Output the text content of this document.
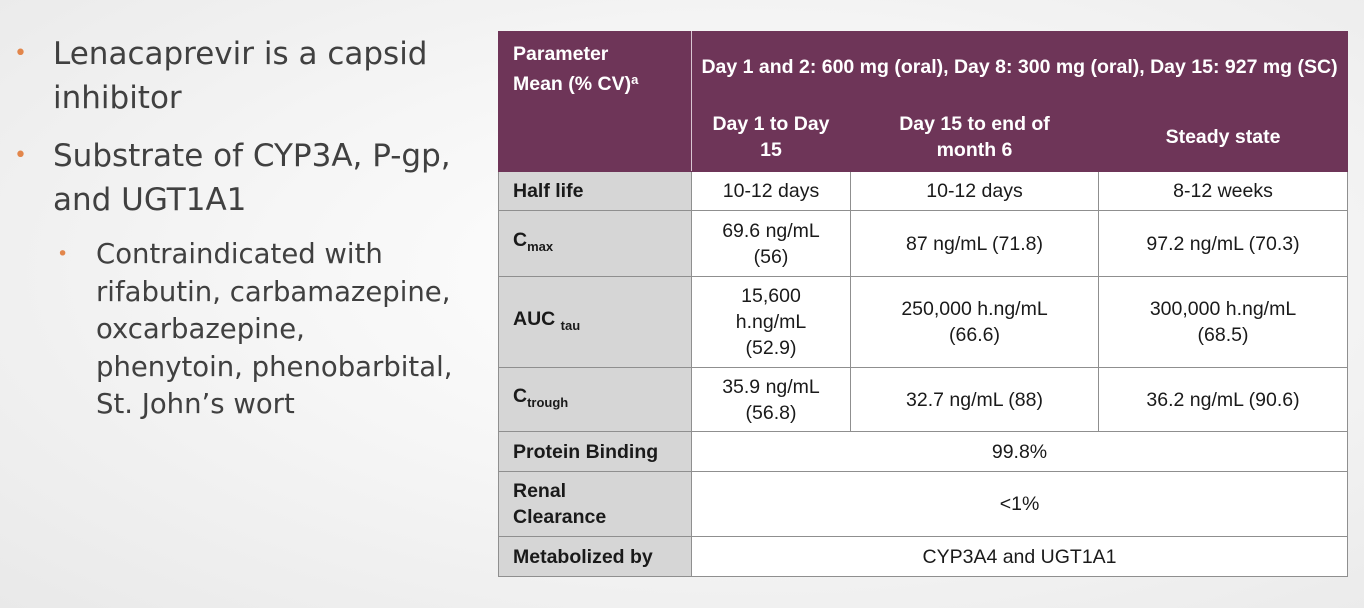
• Lenacaprevir is a capsid inhibitor
• Substrate of CYP3A, P-gp, and UGT1A1
• Contraindicated with rifabutin, carbamazepine, oxcarbazepine, phenytoin, phenobarbital, St. John’s wort
Parameter
Mean (% CV)$^a$	Day 1 and 2: 600 mg (oral), Day 8: 300 mg (oral), Day 15: 927 mg (SC)		
	Day 1 to Day 15	Day 15 to end of month 6	Steady state
Half life	10-12 days	10-12 days	8-12 weeks
$C_{max}$	69.6 ng/mL (56)	87 ng/mL (71.8)	97.2 ng/mL (70.3)
AUC $_{tau}$	15,600 h.ng/mL (52.9)	250,000 h.ng/mL (66.6)	300,000 h.ng/mL (68.5)
$C_{trough}$	35.9 ng/mL (56.8)	32.7 ng/mL (88)	36.2 ng/mL (90.6)
Protein Binding	99.8%		
Renal Clearance	<1%		
Metabolized by	CYP3A4 and UGT1A1		
